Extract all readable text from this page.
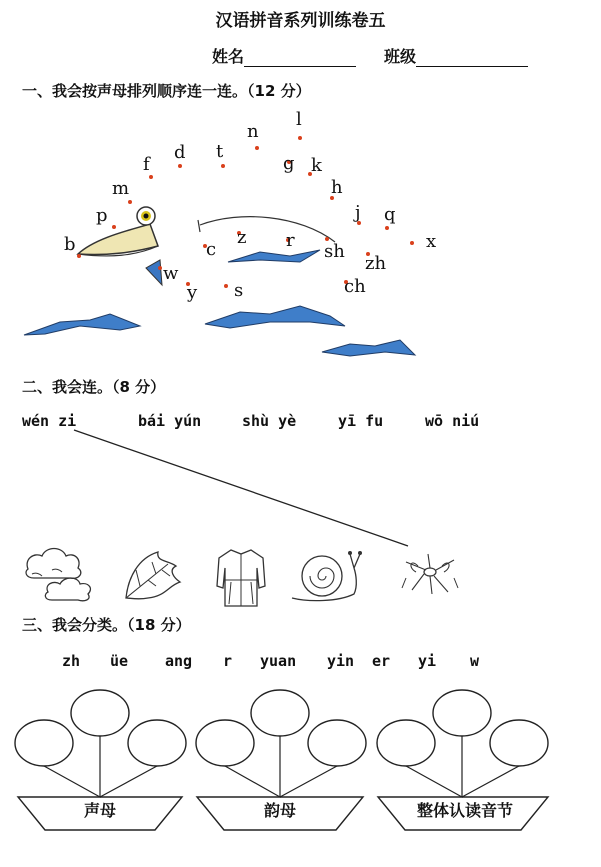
汉语拼音系列训练卷五
姓名	班级
一、我会按声母排列顺序连一连。（12 分）
b
p
m
f
d t
n
l
g k
h
j q
x
zh
ch
sh
r
z
c
s
y
w
二、我会连。（8 分）
wén zi	bái yún	shù yè	yī fu	wō niú
三、我会分类。（18 分）
zh üe ang r yuan yin er yi w
声母	韵母	整体认读音节
